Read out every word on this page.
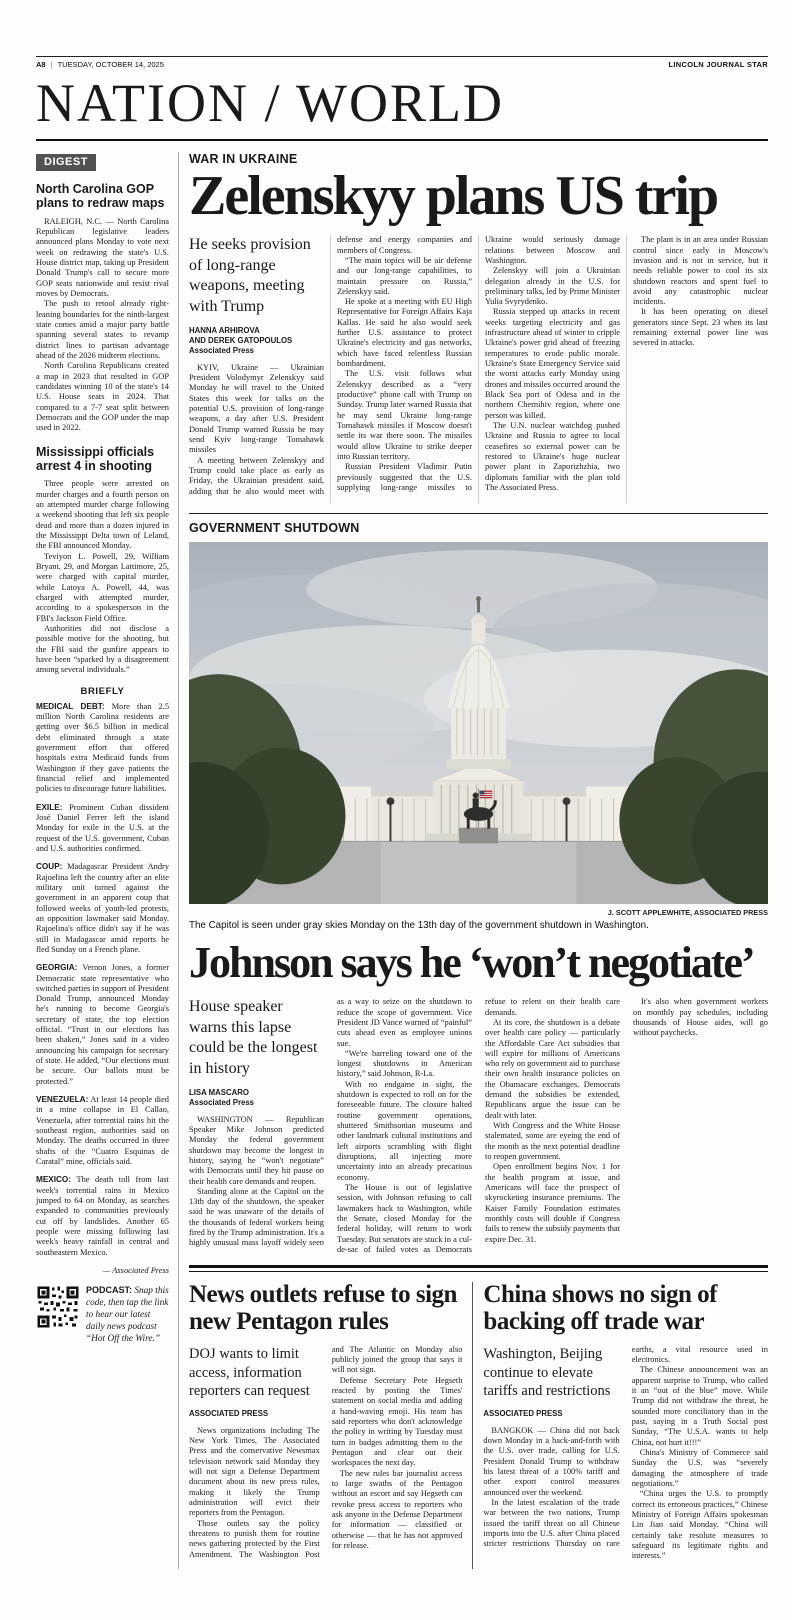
A8 | TUESDAY, OCTOBER 14, 2025	LINCOLN JOURNAL STAR
NATION / WORLD
DIGEST
North Carolina GOP plans to redraw maps

RALEIGH, N.C. — North Carolina Republican legislative leaders announced plans Monday to vote next week on redrawing the state's U.S. House district map, taking up President Donald Trump's call to secure more GOP seats nationwide and resist rival moves by Democrats.

The push to retool already right-leaning boundaries for the ninth-largest state comes amid a major party battle spanning several states to revamp district lines to partisan advantage ahead of the 2026 midterm elections.

North Carolina Republicans created a map in 2023 that resulted in GOP candidates winning 10 of the state's 14 U.S. House seats in 2024. That compared to a 7-7 seat split between Democrats and the GOP under the map used in 2022.

Mississippi officials arrest 4 in shooting

Three people were arrested on murder charges and a fourth person on an attempted murder charge following a weekend shooting that left six people dead and more than a dozen injured in the Mississippi Delta town of Leland, the FBI announced Monday.

Teviyon L. Powell, 29, William Bryant, 29, and Morgan Lattimore, 25, were charged with capital murder, while Latoya A. Powell, 44, was charged with attempted murder, according to a spokesperson in the FBI's Jackson Field Office.

Authorities did not disclose a possible motive for the shooting, but the FBI said the gunfire appears to have been “sparked by a disagreement among several individuals.”

BRIEFLY

MEDICAL DEBT: More than 2.5 million North Carolina residents are getting over $6.5 billion in medical debt eliminated through a state government effort that offered hospitals extra Medicaid funds from Washington if they gave patients the financial relief and implemented policies to discourage future liabilities.

EXILE: Prominent Cuban dissident José Daniel Ferrer left the island Monday for exile in the U.S. at the request of the U.S. government, Cuban and U.S. authorities confirmed.

COUP: Madagascar President Andry Rajoelina left the country after an elite military unit turned against the government in an apparent coup that followed weeks of youth-led protests, an opposition lawmaker said Monday. Rajoelina's office didn't say if he was still in Madagascar amid reports he fled Sunday on a French plane.

GEORGIA: Vernon Jones, a former Democratic state representative who switched parties in support of President Donald Trump, announced Monday he's running to become Georgia's secretary of state, the top election official. “Trust in our elections has been shaken,” Jones said in a video announcing his campaign for secretary of state. He added, “Our elections must be secure. Our ballots must be protected.”

VENEZUELA: At least 14 people died in a mine collapse in El Callao, Venezuela, after torrential rains hit the southeast region, authorities said on Monday. The deaths occurred in three shafts of the “Cuatro Esquinas de Caratal” mine, officials said.

MEXICO: The death toll from last week's torrential rains in Mexico jumped to 64 on Monday, as searches expanded to communities previously cut off by landslides. Another 65 people were missing following last week's heavy rainfall in central and southeastern Mexico.

— Associated Press

PODCAST: Snap this code, then tap the link to hear our latest daily news podcast “Hot Off the Wire.”

WAR IN UKRAINE
Zelenskyy plans US trip
He seeks provision of long-range weapons, meeting with Trump
HANNA ARHIROVA
AND DEREK GATOPOULOS
Associated Press

KYIV, Ukraine — Ukrainian President Volodymyr Zelenskyy said Monday he will travel to the United States this week for talks on the potential U.S. provision of long-range weapons, a day after U.S. President Donald Trump warned Russia he may send Kyiv long-range Tomahawk missiles

A meeting between Zelenskyy and Trump could take place as early as Friday, the Ukrainian president said, adding that he also would meet with defense and energy companies and members of Congress.

“The main topics will be air defense and our long-range capabilities, to maintain pressure on Russia,” Zelenskyy said.

He spoke at a meeting with EU High Representative for Foreign Affairs Kaja Kallas. He said he also would seek further U.S. assistance to protect Ukraine's electricity and gas networks, which have faced relentless Russian bombardment.

The U.S. visit follows what Zelenskyy described as a “very productive” phone call with Trump on Sunday. Trump later warned Russia that he may send Ukraine long-range Tomahawk missiles if Moscow doesn't settle its war there soon. The missiles would allow Ukraine to strike deeper into Russian territory.

Russian President Vladimir Putin previously suggested that the U.S. supplying long-range missiles to Ukraine would seriously damage relations between Moscow and Washington.

Zelenskyy will join a Ukrainian delegation already in the U.S. for preliminary talks, led by Prime Minister Yulia Svyrydenko.

Russia stepped up attacks in recent weeks targeting electricity and gas infrastructure ahead of winter to cripple Ukraine's power grid ahead of freezing temperatures to erode public morale. Ukraine's State Emergency Service said the worst attacks early Monday using drones and missiles occurred around the Black Sea port of Odesa and in the northern Chernihiv region, where one person was killed.

The U.N. nuclear watchdog pushed Ukraine and Russia to agree to local ceasefires so external power can be restored to Ukraine's huge nuclear power plant in Zaporizhzhia, two diplomats familiar with the plan told The Associated Press.

The plant is in an area under Russian control since early in Moscow's invasion and is not in service, but it needs reliable power to cool its six shutdown reactors and spent fuel to avoid any catastrophic nuclear incidents.

It has been operating on diesel generators since Sept. 23 when its last remaining external power line was severed in attacks.

GOVERNMENT SHUTDOWN
J. SCOTT APPLEWHITE, ASSOCIATED PRESS
The Capitol is seen under gray skies Monday on the 13th day of the government shutdown in Washington.
Johnson says he ‘won’t negotiate’
House speaker warns this lapse could be the longest in history
LISA MASCARO
Associated Press

WASHINGTON — Republican Speaker Mike Johnson predicted Monday the federal government shutdown may become the longest in history, saying he “won't negotiate” with Democrats until they hit pause on their health care demands and reopen.

Standing alone at the Capitol on the 13th day of the shutdown, the speaker said he was unaware of the details of the thousands of federal workers being fired by the Trump administration. It's a highly unusual mass layoff widely seen as a way to seize on the shutdown to reduce the scope of government. Vice President JD Vance warned of “painful” cuts ahead even as employee unions sue.

“We're barreling toward one of the longest shutdowns in American history,” said Johnson, R-La.

With no endgame in sight, the shutdown is expected to roll on for the foreseeable future. The closure halted routine government operations, shuttered Smithsonian museums and other landmark cultural institutions and left airports scrambling with flight disruptions, all injecting more uncertainty into an already precarious economy.

The House is out of legislative session, with Johnson refusing to call lawmakers back to Washington, while the Senate, closed Monday for the federal holiday, will return to work Tuesday. But senators are stuck in a cul-de-sac of failed votes as Democrats refuse to relent on their health care demands.

At its core, the shutdown is a debate over health care policy — particularly the Affordable Care Act subsidies that will expire for millions of Americans who rely on government aid to purchase their own health insurance policies on the Obamacare exchanges. Democrats demand the subsidies be extended, Republicans argue the issue can be dealt with later.

With Congress and the White House stalemated, some are eyeing the end of the month as the next potential deadline to reopen government.

Open enrollment begins Nov. 1 for the health program at issue, and Americans will face the prospect of skyrocketing insurance premiums. The Kaiser Family Foundation estimates monthly costs will double if Congress fails to renew the subsidy payments that expire Dec. 31.

It's also when government workers on monthly pay schedules, including thousands of House aides, will go without paychecks.

News outlets refuse to sign new Pentagon rules
DOJ wants to limit access, information reporters can request
ASSOCIATED PRESS

News organizations including The New York Times, The Associated Press and the conservative Newsmax television network said Monday they will not sign a Defense Department document about its new press rules, making it likely the Trump administration will evict their reporters from the Pentagon.

Those outlets say the policy threatens to punish them for routine news gathering protected by the First Amendment. The Washington Post and The Atlantic on Monday also publicly joined the group that says it will not sign.

Defense Secretary Pete Hegseth reacted by posting the Times' statement on social media and adding a hand-waving emoji. His team has said reporters who don't acknowledge the policy in writing by Tuesday must turn in badges admitting them to the Pentagon and clear out their workspaces the next day.

The new rules bar journalist access to large swaths of the Pentagon without an escort and say Hegseth can revoke press access to reporters who ask anyone in the Defense Department for information — classified or otherwise — that he has not approved for release.

China shows no sign of backing off trade war
Washington, Beijing continue to elevate tariffs and restrictions
ASSOCIATED PRESS

BANGKOK — China did not back down Monday in a back-and-forth with the U.S. over trade, calling for U.S. President Donald Trump to withdraw his latest threat of a 100% tariff and other export control measures announced over the weekend.

In the latest escalation of the trade war between the two nations, Trump issued the tariff threat on all Chinese imports into the U.S. after China placed stricter restrictions Thursday on rare earths, a vital resource used in electronics.

The Chinese announcement was an apparent surprise to Trump, who called it an “out of the blue” move. While Trump did not withdraw the threat, he sounded more conciliatory than in the past, saying in a Truth Social post Sunday, “The U.S.A. wants to help China, not hurt it!!!”

China's Ministry of Commerce said Sunday the U.S. was “severely damaging the atmosphere of trade negotiations.”

“China urges the U.S. to promptly correct its erroneous practices,” Chinese Ministry of Foreign Affairs spokesman Lin Jian said Monday. “China will certainly take resolute measures to safeguard its legitimate rights and interests.”
